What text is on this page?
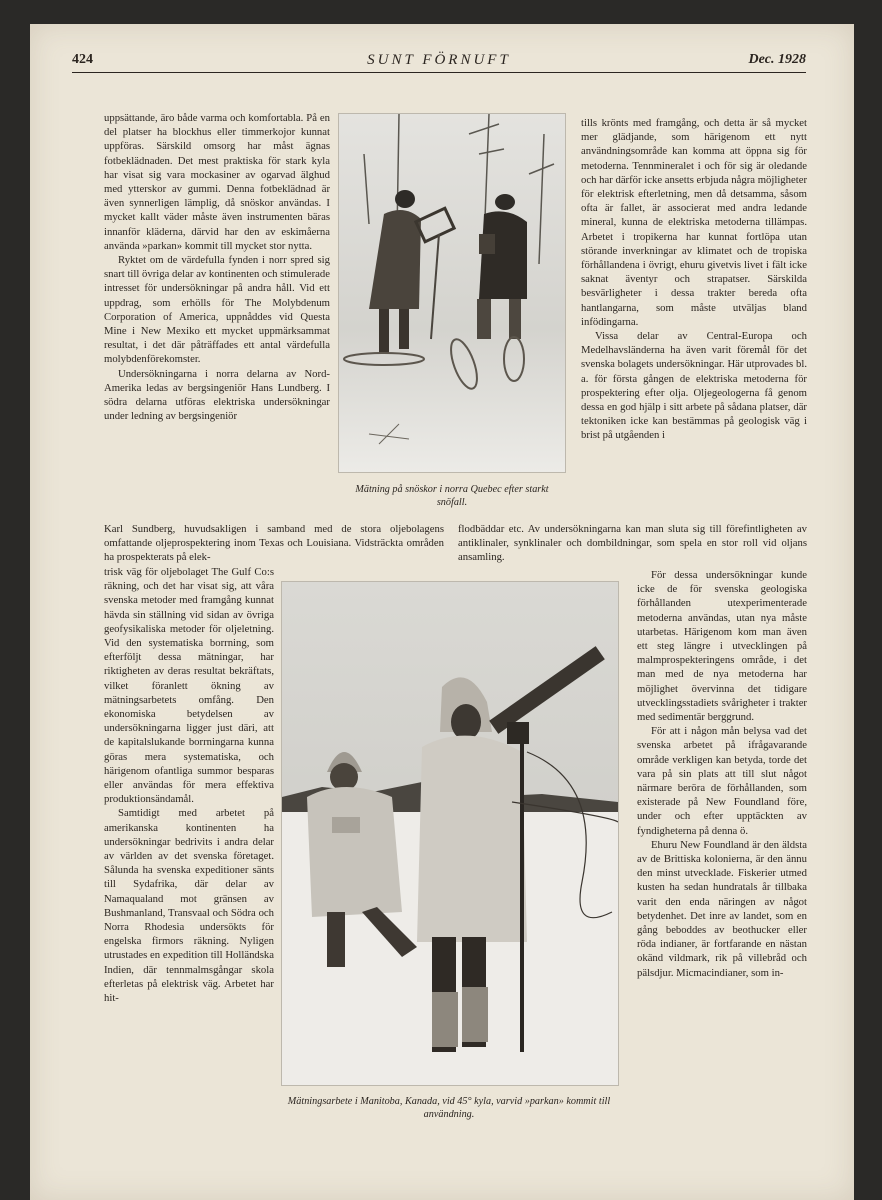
424	SUNT FÖRNUFT	Dec. 1928

uppsättande, äro både varma och komfortabla. På en del platser ha blockhus eller timmerkojor kunnat uppföras. Särskild omsorg har måst ägnas fotbeklädnaden. Det mest praktiska för stark kyla har visat sig vara mockasiner av ogarvad älghud med ytterskor av gummi. Denna fotbeklädnad är även synnerligen lämplig, då snöskor användas. I mycket kallt väder måste även instrumenten bäras innanför kläderna, därvid har den av eskimåerna använda »parkan» kommit till mycket stor nytta.

Ryktet om de värdefulla fynden i norr spred sig snart till övriga delar av kontinenten och stimulerade intresset för undersökningar på andra håll. Vid ett uppdrag, som erhölls för The Molybdenum Corporation of America, uppnåddes vid Questa Mine i New Mexiko ett mycket uppmärksammat resultat, i det där påträffades ett antal värdefulla molybdenförekomster.

Undersökningarna i norra delarna av Nord-Amerika ledas av bergsingeniör Hans Lundberg. I södra delarna utföras elektriska undersökningar under ledning av bergsingeniör

Mätning på snöskor i norra Quebec efter starkt snöfall.

tills krönts med framgång, och detta är så mycket mer glädjande, som härigenom ett nytt användningsområde kan komma att öppna sig för metoderna. Tennmineralet i och för sig är oledande och har därför icke ansetts erbjuda några möjligheter för elektrisk efterletning, men då detsamma, såsom ofta är fallet, är associerat med andra ledande mineral, kunna de elektriska metoderna tillämpas. Arbetet i tropikerna har kunnat fortlöpa utan störande inverkningar av klimatet och de tropiska förhållandena i övrigt, ehuru givetvis livet i fält icke saknat äventyr och strapatser. Särskilda besvärligheter i dessa trakter bereda ofta hantlangarna, som måste utväljas bland infödingarna.

Vissa delar av Central-Europa och Medelhavsländerna ha även varit föremål för det svenska bolagets undersökningar. Här utprovades bl. a. för första gången de elektriska metoderna för prospektering efter olja. Oljegeologerna få genom dessa en god hjälp i sitt arbete på sådana platser, där tektoniken icke kan bestämmas på geologisk väg i brist på utgåenden i

Karl Sundberg, huvudsakligen i samband med de stora oljebolagens omfattande oljeprospektering inom Texas och Louisiana. Vidsträckta områden ha prospekterats på elek-
flodbäddar etc. Av undersökningarna kan man sluta sig till förefintligheten av antiklinaler, synklinaler och dombildningar, som spela en stor roll vid oljans ansamling.

trisk väg för oljebolaget The Gulf Co:s räkning, och det har visat sig, att våra svenska metoder med framgång kunnat hävda sin ställning vid sidan av övriga geofysikaliska metoder för oljeletning. Vid den systematiska borrning, som efterföljt dessa mätningar, har riktigheten av deras resultat bekräftats, vilket föranlett ökning av mätningsarbetets omfång. Den ekonomiska betydelsen av undersökningarna ligger just däri, att de kapitalslukande borrningarna kunna göras mera systematiska, och härigenom ofantliga summor besparas eller användas för mera effektiva produktionsändamål.

Samtidigt med arbetet på amerikanska kontinenten ha undersökningar bedrivits i andra delar av världen av det svenska företaget. Sålunda ha svenska expeditioner sänts till Sydafrika, där delar av Namaqualand mot gränsen av Bushmanland, Transvaal och Södra och Norra Rhodesia undersökts för engelska firmors räkning. Nyligen utrustades en expedition till Holländska Indien, där tennmalmsgångar skola efterletas på elektrisk väg. Arbetet har hit-

Mätningsarbete i Manitoba, Kanada, vid 45° kyla, varvid »parkan» kommit till användning.

För dessa undersökningar kunde icke de för svenska geologiska förhållanden utexperimenterade metoderna användas, utan nya måste utarbetas. Härigenom kom man även ett steg längre i utvecklingen på malmprospekteringens område, i det man med de nya metoderna har möjlighet övervinna det tidigare utvecklingsstadiets svårigheter i trakter med sedimentär berggrund.

För att i någon mån belysa vad det svenska arbetet på ifrågavarande område verkligen kan betyda, torde det vara på sin plats att till slut något närmare beröra de förhållanden, som existerade på New Foundland före, under och efter upptäckten av fyndigheterna på denna ö.

Ehuru New Foundland är den äldsta av de Brittiska kolonierna, är den ännu den minst utvecklade. Fiskerier utmed kusten ha sedan hundratals år tillbaka varit den enda näringen av något betydenhet. Det inre av landet, som en gång beboddes av beothucker eller röda indianer, är fortfarande en nästan okänd vildmark, rik på villebråd och pälsdjur. Micmacindianer, som in-
